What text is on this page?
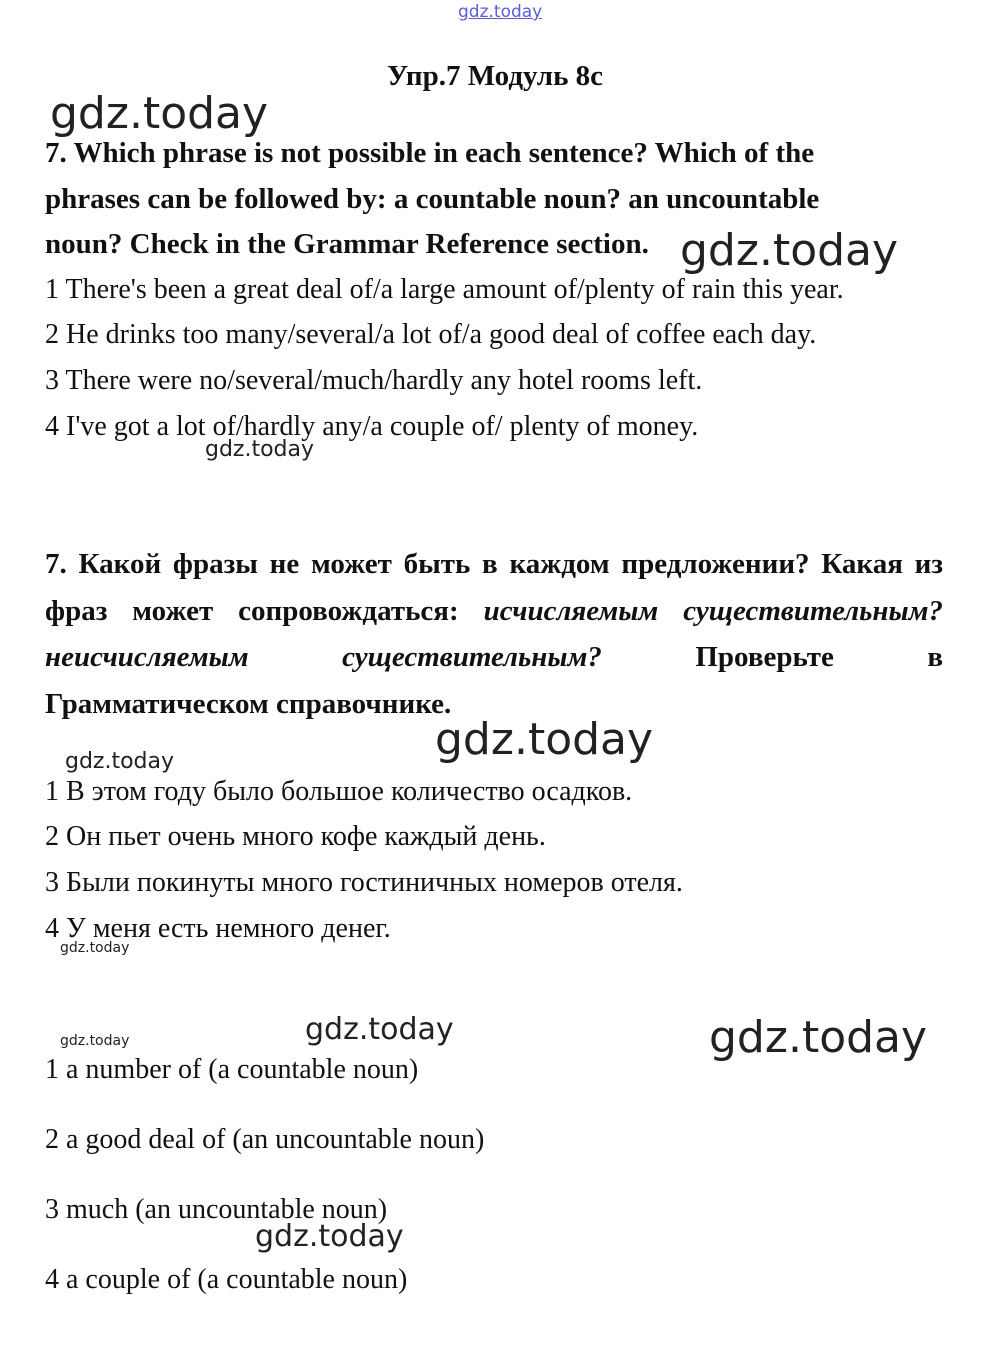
gdz.today
gdz.today
gdz.today
gdz.today
gdz.today
gdz.today
gdz.today
gdz.today
gdz.today	gdz.today
gdz.today
Упр.7 Модуль 8с
7. Which phrase is not possible in each sentence? Which of the
phrases can be followed by: a countable noun? an uncountable
noun? Check in the Grammar Reference section.
1 There's been a great deal of/a large amount of/plenty of rain this year.
2 He drinks too many/several/a lot of/a good deal of coffee each day.
3 There were no/several/much/hardly any hotel rooms left.
4 I've got a lot of/hardly any/a couple of/ plenty of money.
7. Какой фразы не может быть в каждом предложении? Какая из
фраз может сопровождаться: исчисляемым существительным?
неисчисляемым	существительным?	Проверьте	в
Грамматическом справочнике.
1 В этом году было большое количество осадков.
2 Он пьет очень много кофе каждый день.
3 Были покинуты много гостиничных номеров отеля.
4 У меня есть немного денег.
1 a number of (a countable noun)
2 a good deal of (an uncountable noun)
3 much (an uncountable noun)
4 a couple of (a countable noun)
